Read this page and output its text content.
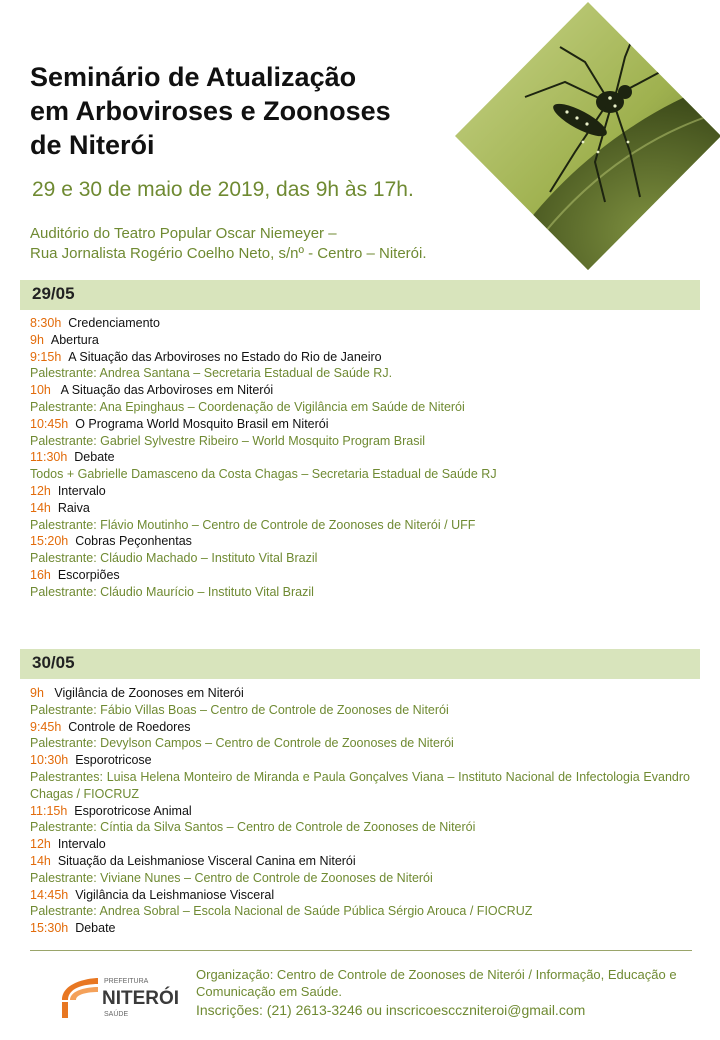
Seminário de Atualização
em Arboviroses e Zoonoses
de Niterói
29 e 30 de maio de 2019, das 9h às 17h.
Auditório do Teatro Popular Oscar Niemeyer –
Rua Jornalista Rogério Coelho Neto, s/nº - Centro – Niterói.
29/05
8:30h Credenciamento
9h Abertura
9:15h A Situação das Arboviroses no Estado do Rio de Janeiro
Palestrante: Andrea Santana – Secretaria Estadual de Saúde RJ.
10h   A Situação das Arboviroses em Niterói
Palestrante: Ana Epinghaus – Coordenação de Vigilância em Saúde de Niterói
10:45h O Programa World Mosquito Brasil em Niterói
Palestrante: Gabriel Sylvestre Ribeiro – World Mosquito Program Brasil
11:30h Debate
Todos + Gabrielle Damasceno da Costa Chagas – Secretaria Estadual de Saúde RJ
12h Intervalo
14h Raiva
Palestrante: Flávio Moutinho – Centro de Controle de Zoonoses de Niterói / UFF
15:20h Cobras Peçonhentas
Palestrante: Cláudio Machado – Instituto Vital Brazil
16h Escorpiões
Palestrante: Cláudio Maurício – Instituto Vital Brazil
30/05
9h   Vigilância de Zoonoses em Niterói
Palestrante: Fábio Villas Boas – Centro de Controle de Zoonoses de Niterói
9:45h Controle de Roedores
Palestrante: Devylson Campos – Centro de Controle de Zoonoses de Niterói
10:30h Esporotricose
Palestrantes: Luisa Helena Monteiro de Miranda e Paula Gonçalves Viana – Instituto Nacional de Infectologia Evandro Chagas / FIOCRUZ
11:15h Esporotricose Animal
Palestrante: Cíntia da Silva Santos – Centro de Controle de Zoonoses de Niterói
12h Intervalo
14h Situação da Leishmaniose Visceral Canina em Niterói
Palestrante: Viviane Nunes – Centro de Controle de Zoonoses de Niterói
14:45h Vigilância da Leishmaniose Visceral
Palestrante: Andrea Sobral – Escola Nacional de Saúde Pública Sérgio Arouca / FIOCRUZ
15:30h Debate
PREFEITURA
NITERÓI
SAÚDE
Organização: Centro de Controle de Zoonoses de Niterói / Informação, Educação e Comunicação em Saúde.
Inscrições: (21) 2613-3246 ou inscricoescczniteroi@gmail.com
